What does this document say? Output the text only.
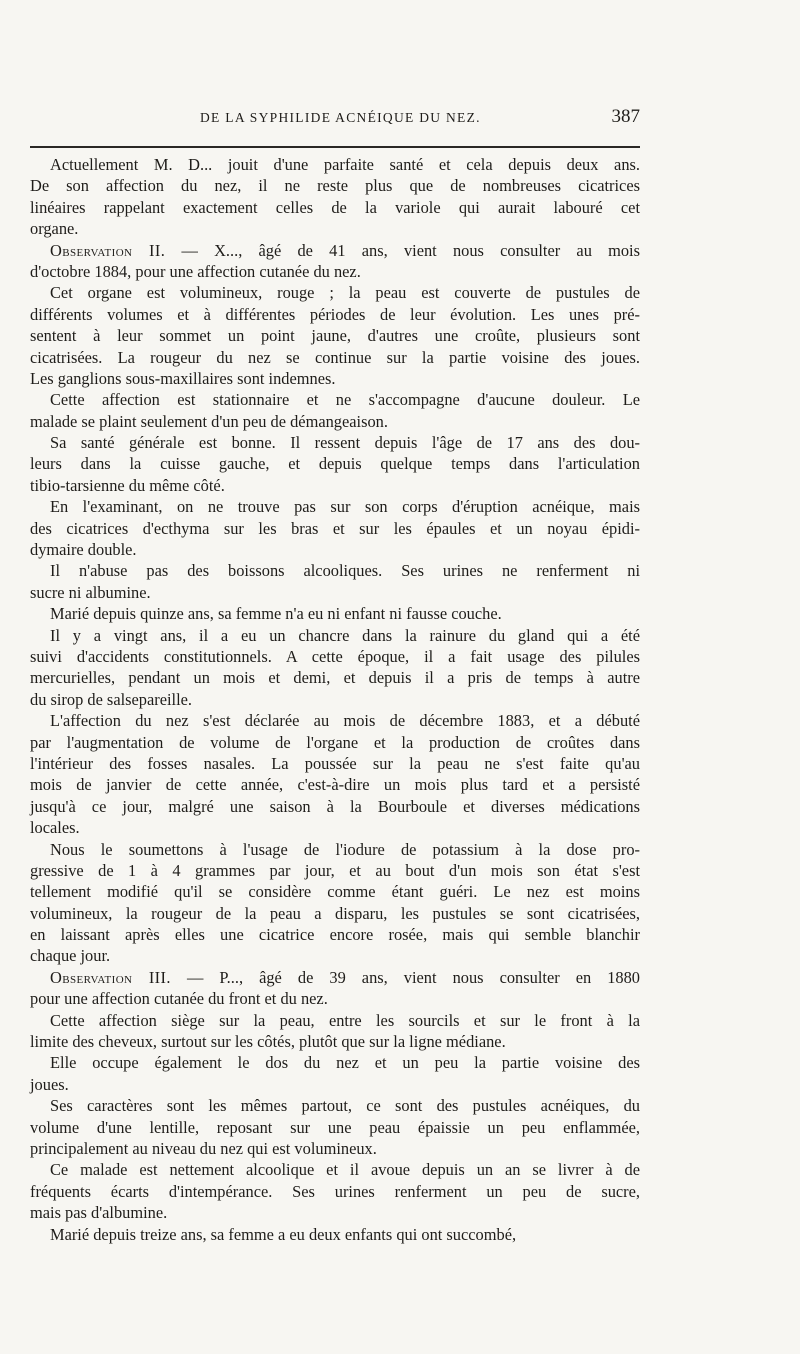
DE LA SYPHILIDE ACNÉIQUE DU NEZ.	387
Actuellement M. D... jouit d'une parfaite santé et cela depuis deux ans.
De son affection du nez, il ne reste plus que de nombreuses cicatrices
linéaires rappelant exactement celles de la variole qui aurait labouré cet
organe.
Observation II. — X..., âgé de 41 ans, vient nous consulter au mois
d'octobre 1884, pour une affection cutanée du nez.
Cet organe est volumineux, rouge ; la peau est couverte de pustules de
différents volumes et à différentes périodes de leur évolution. Les unes pré-
sentent à leur sommet un point jaune, d'autres une croûte, plusieurs sont
cicatrisées. La rougeur du nez se continue sur la partie voisine des joues.
Les ganglions sous-maxillaires sont indemnes.
Cette affection est stationnaire et ne s'accompagne d'aucune douleur. Le
malade se plaint seulement d'un peu de démangeaison.
Sa santé générale est bonne. Il ressent depuis l'âge de 17 ans des dou-
leurs dans la cuisse gauche, et depuis quelque temps dans l'articulation
tibio-tarsienne du même côté.
En l'examinant, on ne trouve pas sur son corps d'éruption acnéique, mais
des cicatrices d'ecthyma sur les bras et sur les épaules et un noyau épidi-
dymaire double.
Il n'abuse pas des boissons alcooliques. Ses urines ne renferment ni
sucre ni albumine.
Marié depuis quinze ans, sa femme n'a eu ni enfant ni fausse couche.
Il y a vingt ans, il a eu un chancre dans la rainure du gland qui a été
suivi d'accidents constitutionnels. A cette époque, il a fait usage des pilules
mercurielles, pendant un mois et demi, et depuis il a pris de temps à autre
du sirop de salsepareille.
L'affection du nez s'est déclarée au mois de décembre 1883, et a débuté
par l'augmentation de volume de l'organe et la production de croûtes dans
l'intérieur des fosses nasales. La poussée sur la peau ne s'est faite qu'au
mois de janvier de cette année, c'est-à-dire un mois plus tard et a persisté
jusqu'à ce jour, malgré une saison à la Bourboule et diverses médications
locales.
Nous le soumettons à l'usage de l'iodure de potassium à la dose pro-
gressive de 1 à 4 grammes par jour, et au bout d'un mois son état s'est
tellement modifié qu'il se considère comme étant guéri. Le nez est moins
volumineux, la rougeur de la peau a disparu, les pustules se sont cicatrisées,
en laissant après elles une cicatrice encore rosée, mais qui semble blanchir
chaque jour.
Observation III. — P..., âgé de 39 ans, vient nous consulter en 1880
pour une affection cutanée du front et du nez.
Cette affection siège sur la peau, entre les sourcils et sur le front à la
limite des cheveux, surtout sur les côtés, plutôt que sur la ligne médiane.
Elle occupe également le dos du nez et un peu la partie voisine des
joues.
Ses caractères sont les mêmes partout, ce sont des pustules acnéiques, du
volume d'une lentille, reposant sur une peau épaissie un peu enflammée,
principalement au niveau du nez qui est volumineux.
Ce malade est nettement alcoolique et il avoue depuis un an se livrer à de
fréquents écarts d'intempérance. Ses urines renferment un peu de sucre,
mais pas d'albumine.
Marié depuis treize ans, sa femme a eu deux enfants qui ont succombé,
